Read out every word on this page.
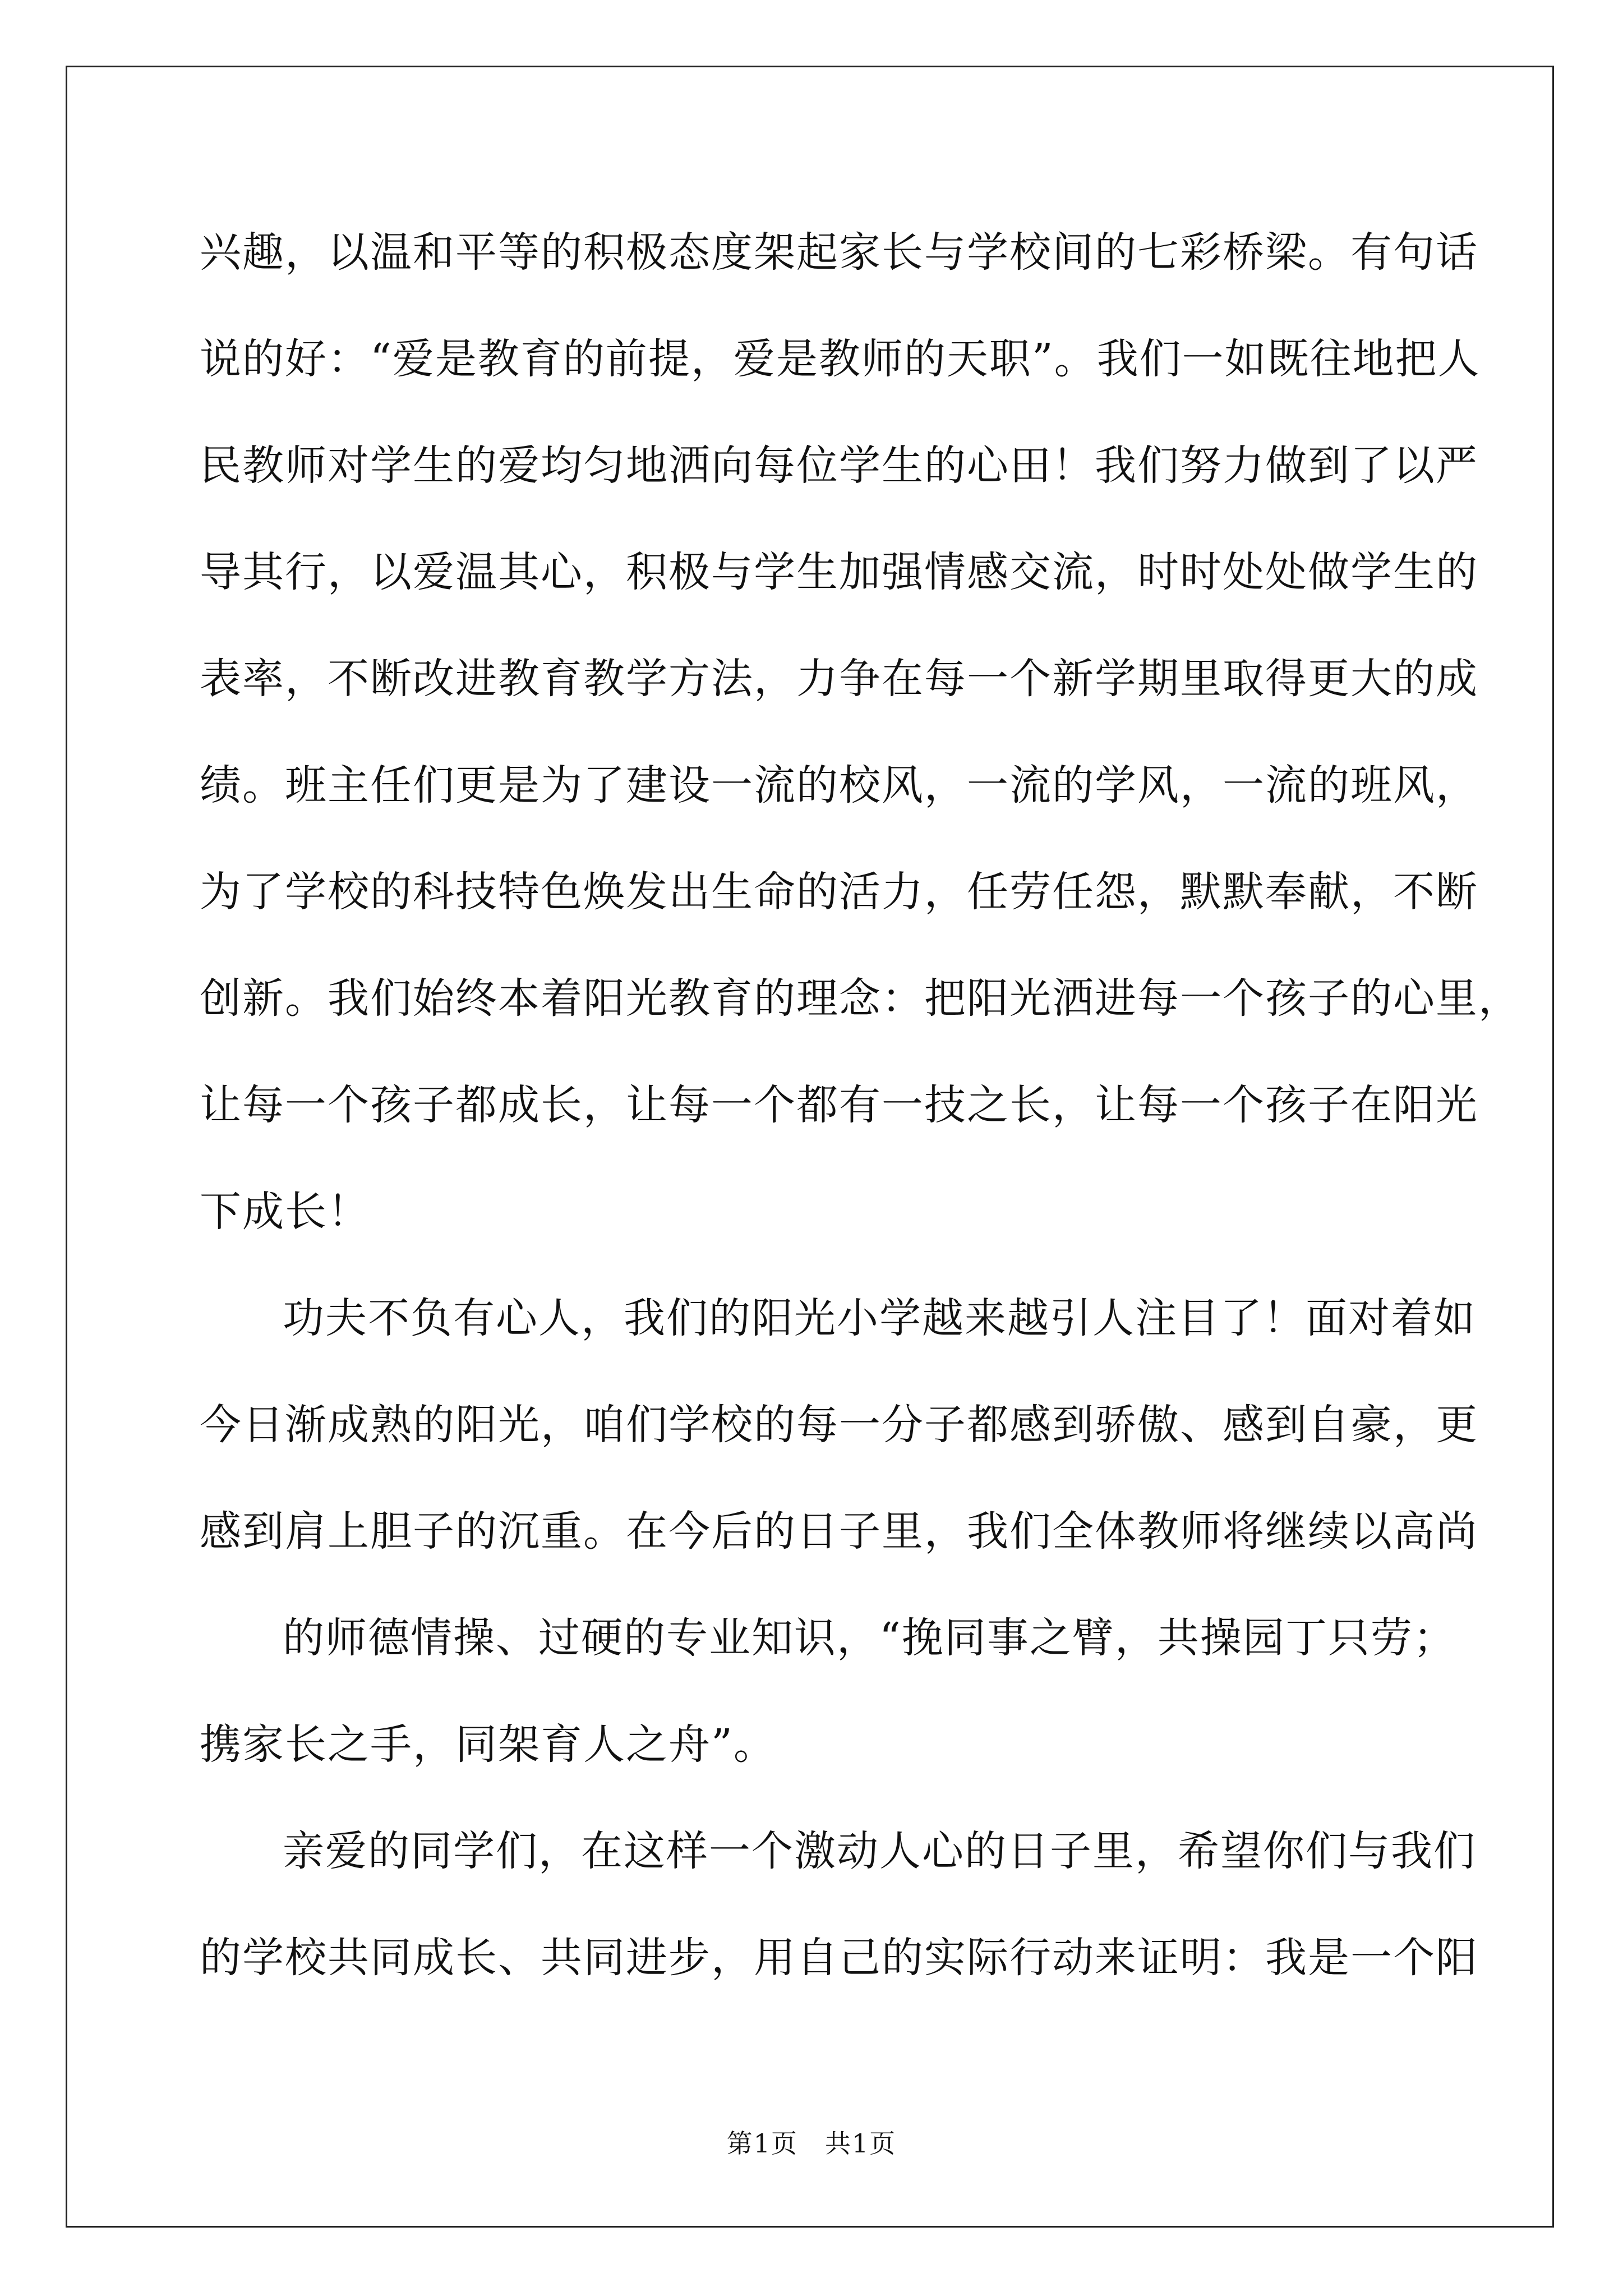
兴趣，以温和平等的积极态度架起家长与学校间的七彩桥梁。有句话
说的好：“爱是教育的前提，爱是教师的天职”。我们一如既往地把人
民教师对学生的爱均匀地洒向每位学生的心田！我们努力做到了以严
导其行，以爱温其心，积极与学生加强情感交流，时时处处做学生的
表率，不断改进教育教学方法，力争在每一个新学期里取得更大的成
绩。班主任们更是为了建设一流的校风，一流的学风，一流的班风，
为了学校的科技特色焕发出生命的活力，任劳任怨，默默奉献，不断
创新。我们始终本着阳光教育的理念：把阳光洒进每一个孩子的心里，
让每一个孩子都成长，让每一个都有一技之长，让每一个孩子在阳光
下成长！
功夫不负有心人，我们的阳光小学越来越引人注目了！面对着如
今日渐成熟的阳光，咱们学校的每一分子都感到骄傲、感到自豪，更
感到肩上胆子的沉重。在今后的日子里，我们全体教师将继续以高尚
的师德情操、过硬的专业知识，“挽同事之臂，共操园丁只劳；
携家长之手，同架育人之舟”。
亲爱的同学们，在这样一个激动人心的日子里，希望你们与我们
的学校共同成长、共同进步，用自己的实际行动来证明：我是一个阳
第1页　共1页
